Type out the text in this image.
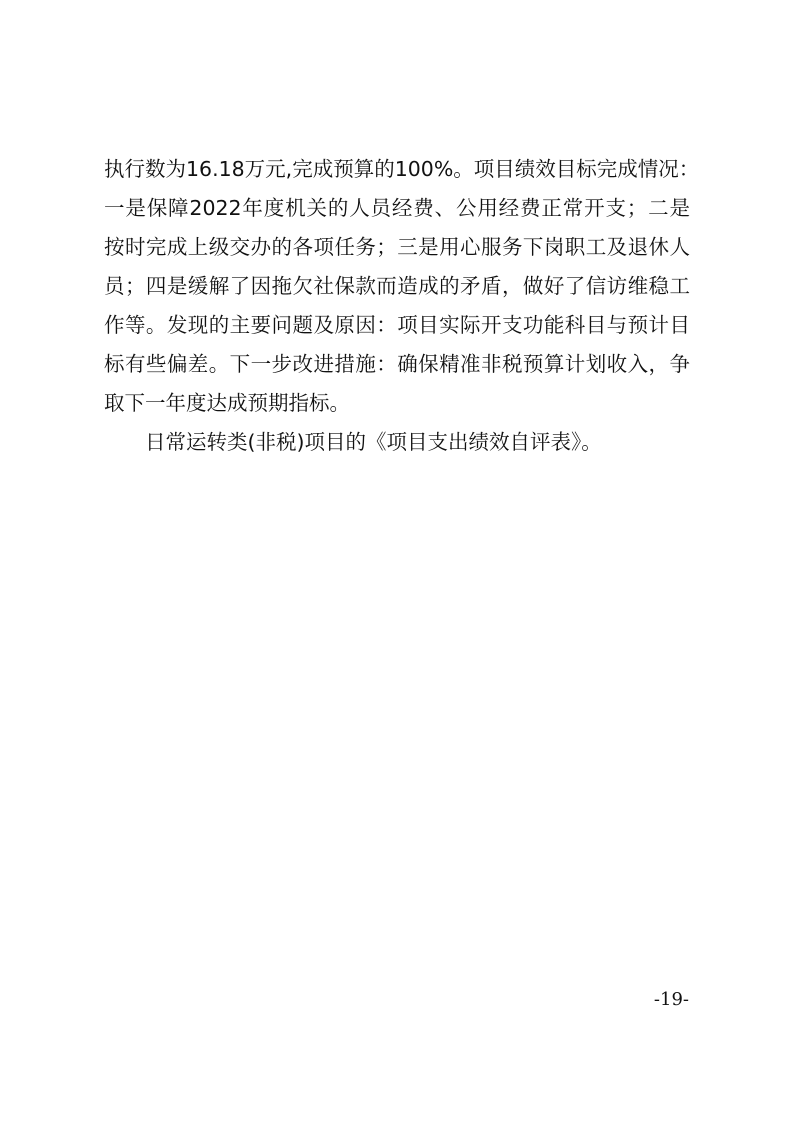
执行数为16.18万元,完成预算的100%。项目绩效目标完成情况：
一是保障2022年度机关的人员经费、公用经费正常开支；二是
按时完成上级交办的各项任务；三是用心服务下岗职工及退休人
员；四是缓解了因拖欠社保款而造成的矛盾，做好了信访维稳工
作等。发现的主要问题及原因：项目实际开支功能科目与预计目
标有些偏差。下一步改进措施：确保精准非税预算计划收入，争
取下一年度达成预期指标。
日常运转类(非税)项目的《项目支出绩效自评表》。
-19-
